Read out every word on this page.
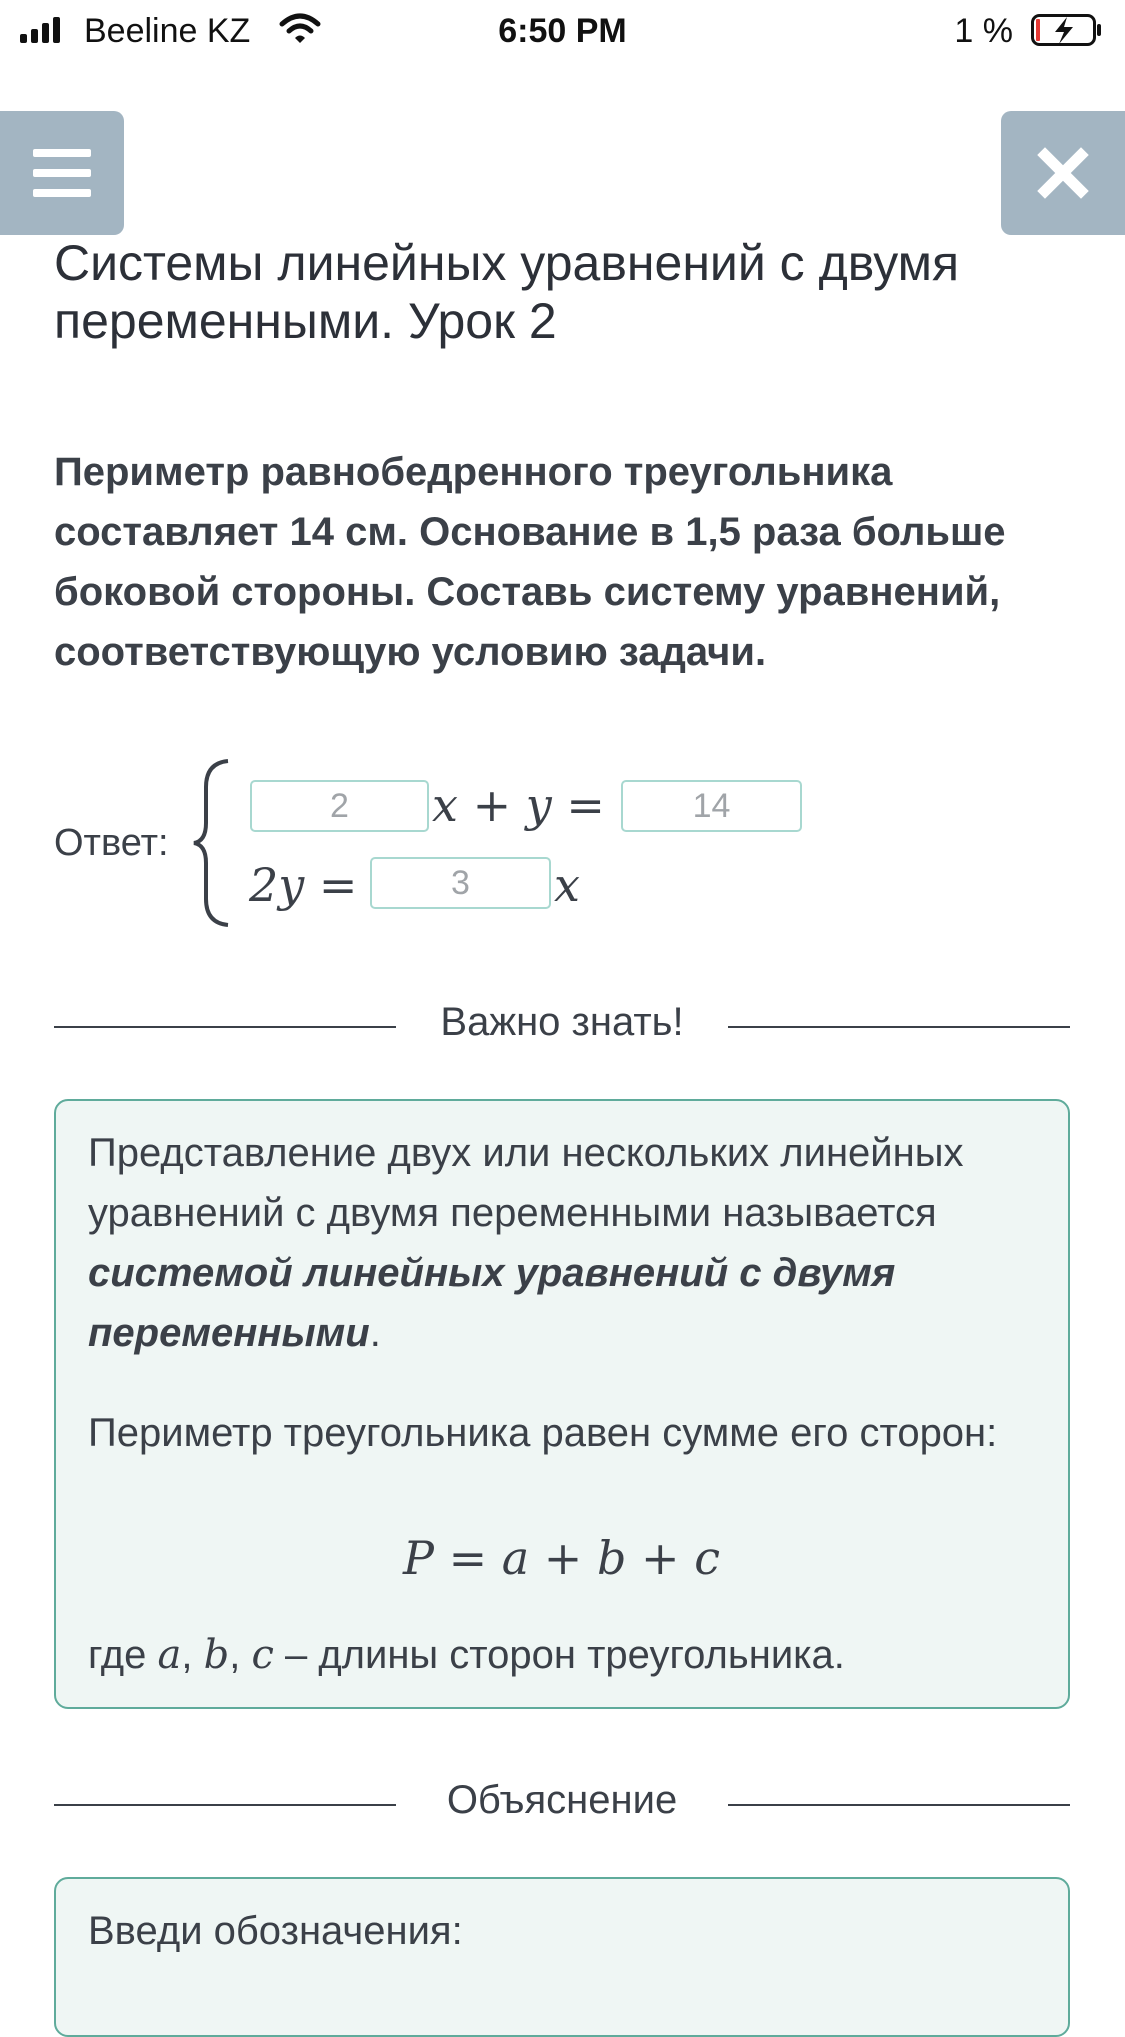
Beeline KZ	6:50 PM	1 %
Системы линейных уравнений с двумя переменными. Урок 2

Периметр равнобедренного треугольника составляет 14 см. Основание в 1,5 раза больше боковой стороны. Составь систему уравнений, соответствующую условию задачи.

Ответ:
2	x + y =	14
2y =	3	x
Важно знать!

Представление двух или нескольких линейных уравнений с двумя переменными называется системой линейных уравнений с двумя переменными.

Периметр треугольника равен сумме его сторон:

P = a + b + c

где a, b, c – длины сторон треугольника.

Объяснение

Введи обозначения:
